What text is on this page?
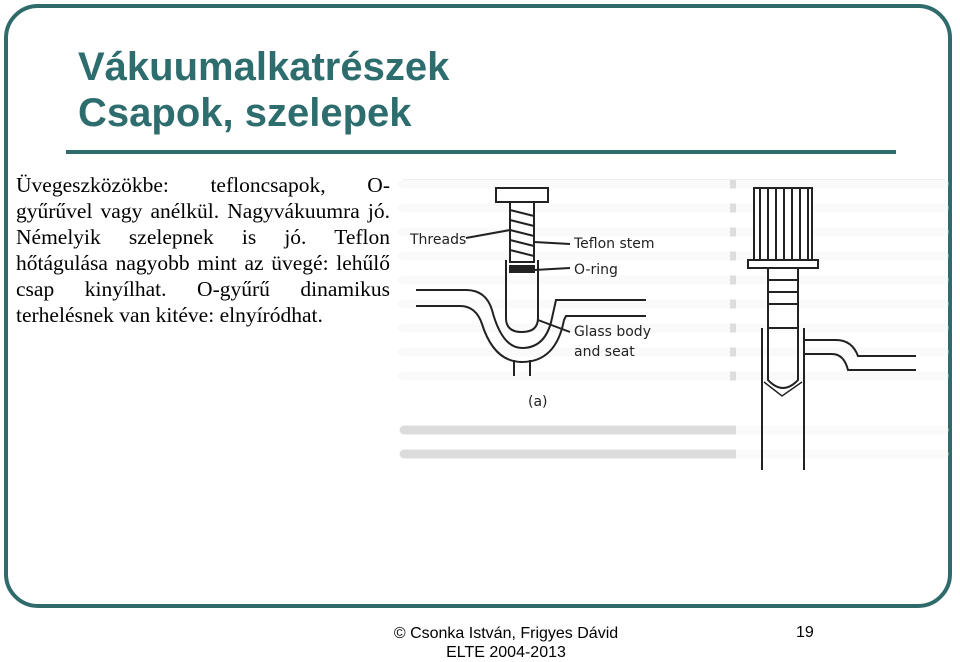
Vákuumalkatrészek
Csapok, szelepek

Üvegeszközökbe: tefloncsapok, O-gyűrűvel vagy anélkül. Nagyvákuumra jó. Némelyik szelepnek is jó. Teflon hőtágulása nagyobb mint az üvegé: lehűlő csap kinyílhat. O-gyűrű dinamikus terhelésnek van kitéve: elnyíródhat.

Threads	Teflon stem
O-ring
Glass body
and seat
(a)
© Csonka István, Frigyes Dávid
ELTE 2004-2013
19
